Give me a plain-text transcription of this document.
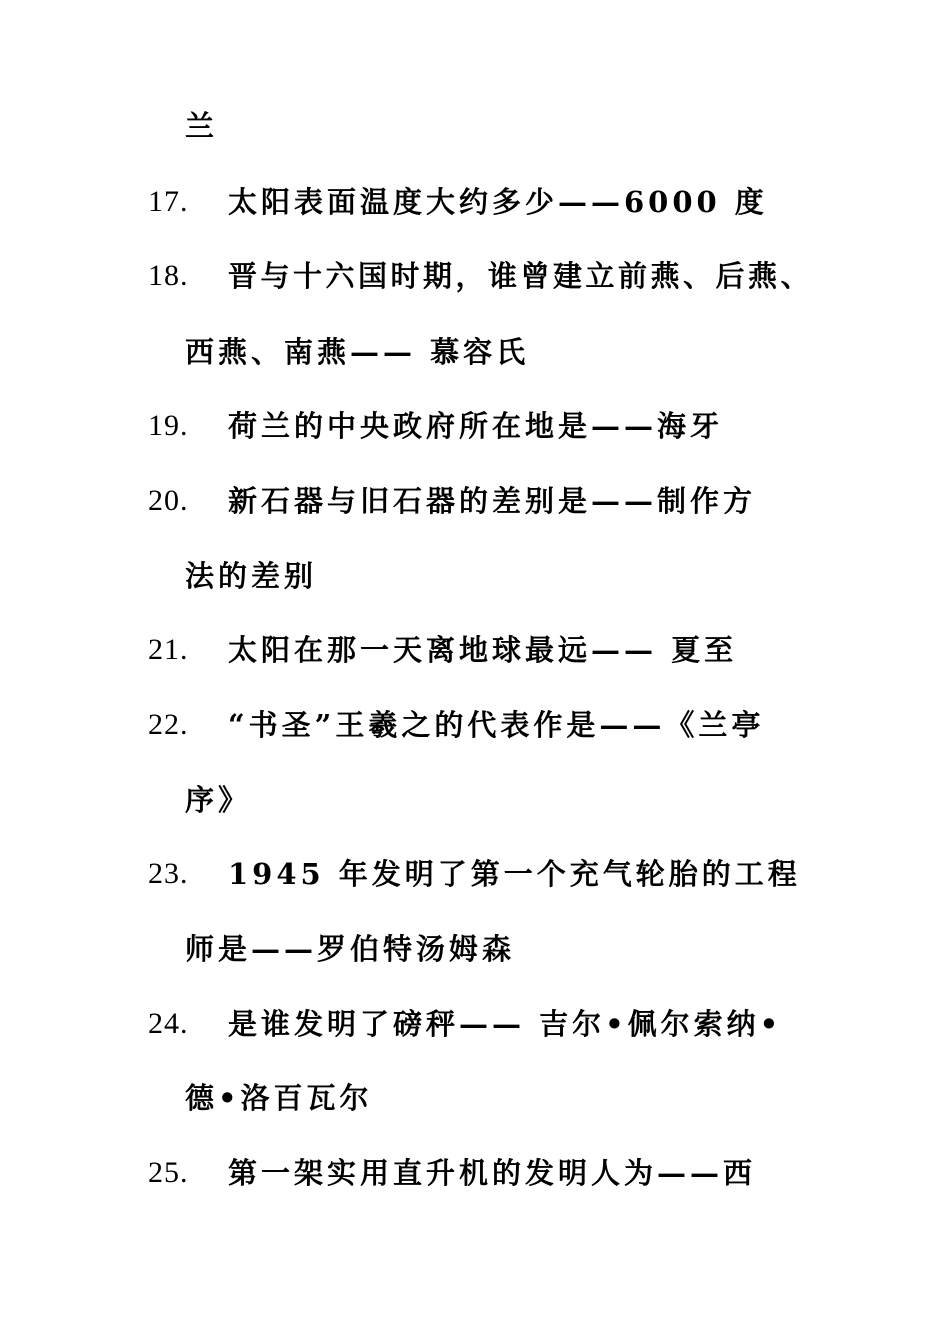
兰
17. 太阳表面温度大约多少——6000 度
18. 晋与十六国时期，谁曾建立前燕、后燕、
西燕、南燕—— 慕容氏
19. 荷兰的中央政府所在地是——海牙
20. 新石器与旧石器的差别是——制作方
法的差别
21. 太阳在那一天离地球最远—— 夏至
22. “书圣”王羲之的代表作是——《兰亭
序》
23. 1945 年发明了第一个充气轮胎的工程
师是——罗伯特汤姆森
24. 是谁发明了磅秤—— 吉尔•佩尔索纳•
德•洛百瓦尔
25. 第一架实用直升机的发明人为——西
